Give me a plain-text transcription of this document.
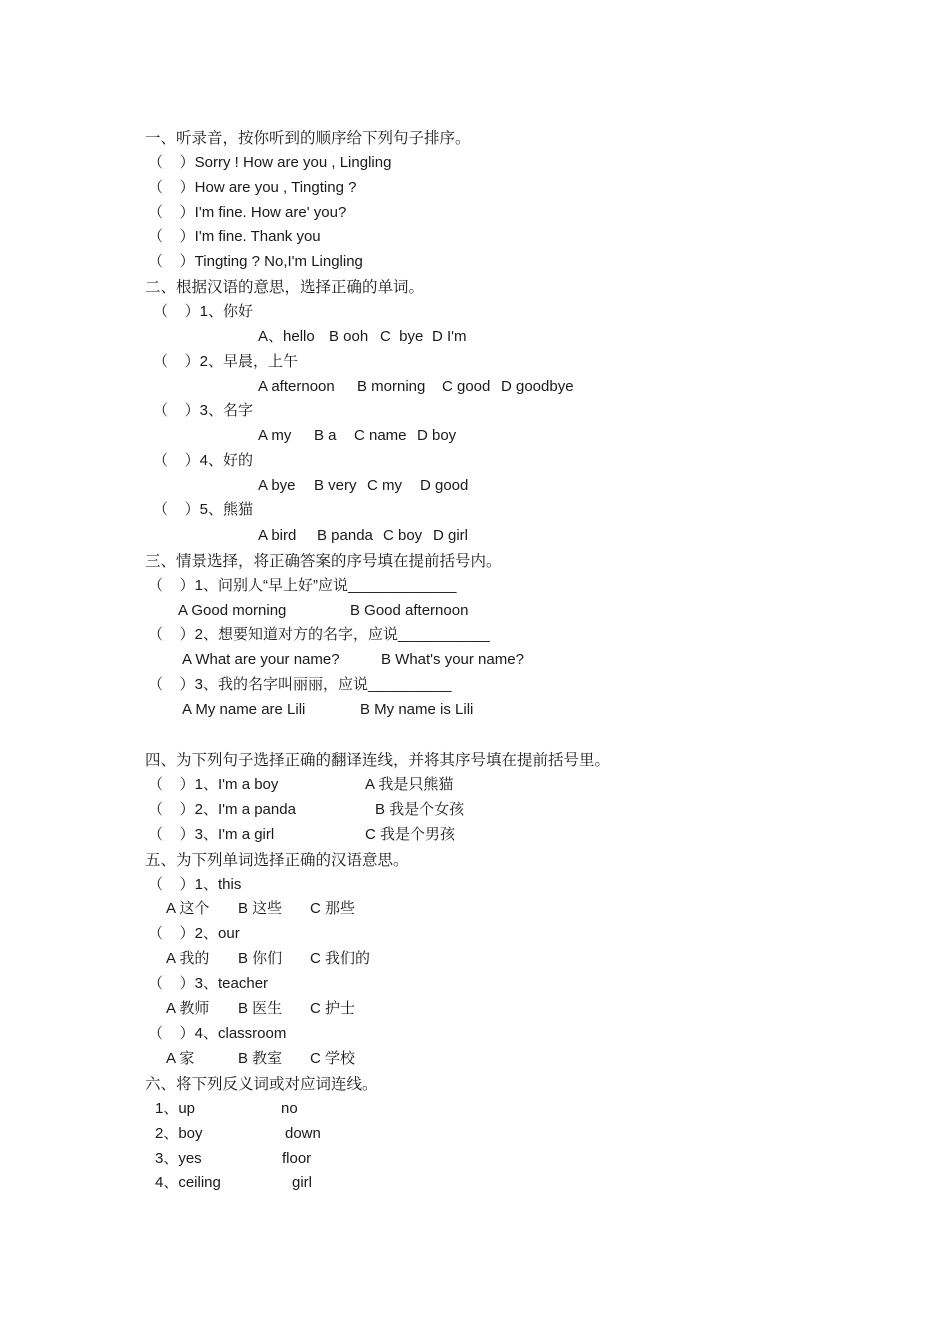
一、听录音，按你听到的顺序给下列句子排序。
（    ）Sorry ! How are you , Lingling
（    ）How are you , Tingting ?
（    ）I'm fine. How are' you?
（    ）I'm fine. Thank you
（    ）Tingting ? No,I'm Lingling
二、根据汉语的意思，选择正确的单词。
（    ）1、你好
A、hello B ooh C  bye D I'm
（    ）2、早晨，上午
A afternoon B morning C good D goodbye
（    ）3、名字
A my B a C name D boy
（    ）4、好的
A bye B very C my D good
（    ）5、熊猫
A bird B panda C boy D girl
三、情景选择，将正确答案的序号填在提前括号内。
（    ）1、问别人“早上好”应说_____________
A Good morning	B Good afternoon
（    ）2、想要知道对方的名字，应说___________
A What are your name?	B What's your name?
（    ）3、我的名字叫丽丽，应说__________
A My name are Lili	B My name is Lili
四、为下列句子选择正确的翻译连线，并将其序号填在提前括号里。
（    ）1、I'm a boy	A 我是只熊猫
（    ）2、I'm a panda	B 我是个女孩
（    ）3、I'm a girl	C 我是个男孩
五、为下列单词选择正确的汉语意思。
（    ）1、this
A 这个 B 这些 C 那些
（    ）2、our
A 我的 B 你们 C 我们的
（    ）3、teacher
A 教师 B 医生 C 护士
（    ）4、classroom
A 家	B 教室 C 学校
六、将下列反义词或对应词连线。
1、up	no
2、boy	down
3、yes	floor
4、ceiling	girl
